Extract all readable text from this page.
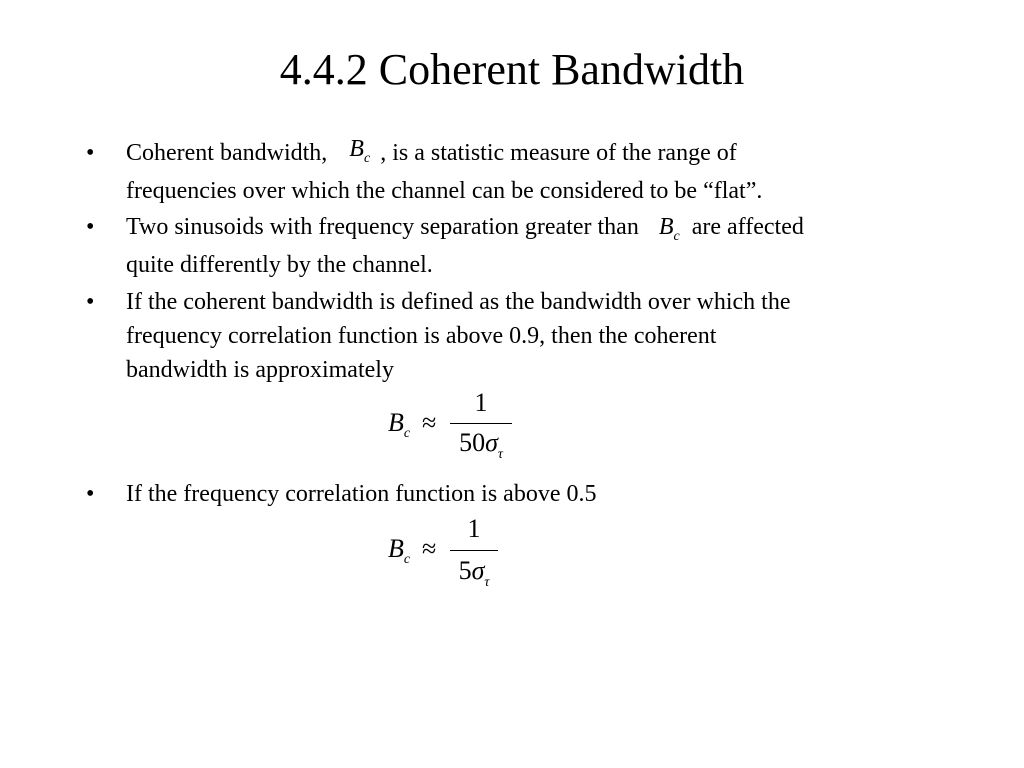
4.4.2 Coherent Bandwidth
•	Coherent bandwidth, $B_c$ , is a statistic measure of the range of
frequencies over which the channel can be considered to be “flat”.
•	Two sinusoids with frequency separation greater than $B_c$ are affected
quite differently by the channel.
•	If the coherent bandwidth is defined as the bandwidth over which the
frequency correlation function is above 0.9, then the coherent
bandwidth is approximately
$B_c$ ≈
1
$50\sigma_\tau$
•	If the frequency correlation function is above 0.5
$B_c$ ≈
1
$5\sigma_\tau$
